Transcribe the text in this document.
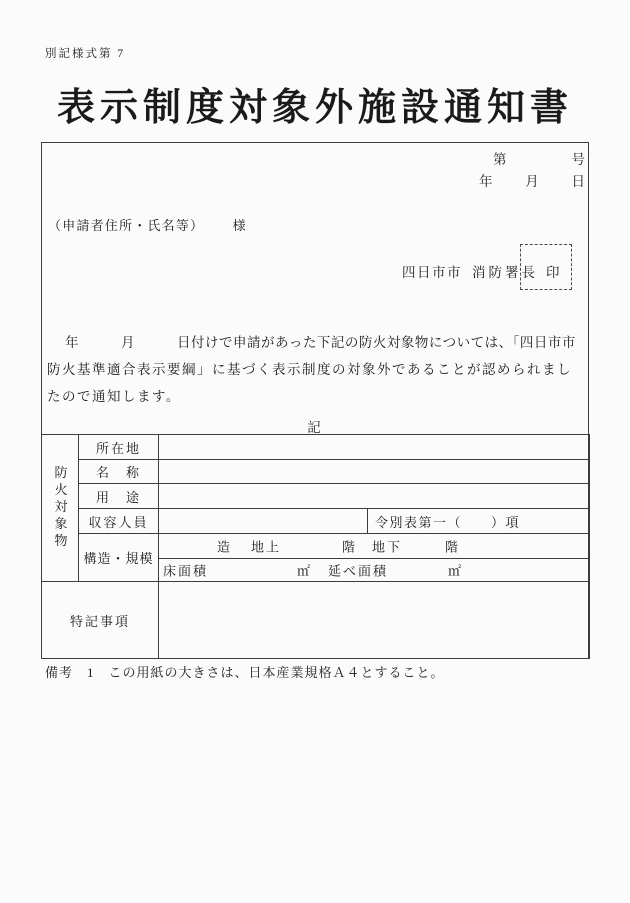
別記様式第 7
表示制度対象外施設通知書
第	号
年 月 日
（申請者住所・氏名等） 様
四日市市 消防署長 印
年　　　月　　　日付けで申請があった下記の防火対象物については、「四日市市
防火基準適合表示要綱」に基づく表示制度の対象外であることが認められまし
たので通知します。
記
防火対象物	所在地		
	名　称		
	用　途		
	収容人員		令別表第一（　　）項
	構造・規模	造 地上 階 地下 階	

		床面積 ㎡ 延べ面積 ㎡	

特記事項			
備考　1　この用紙の大きさは、日本産業規格Ａ４とすること。
